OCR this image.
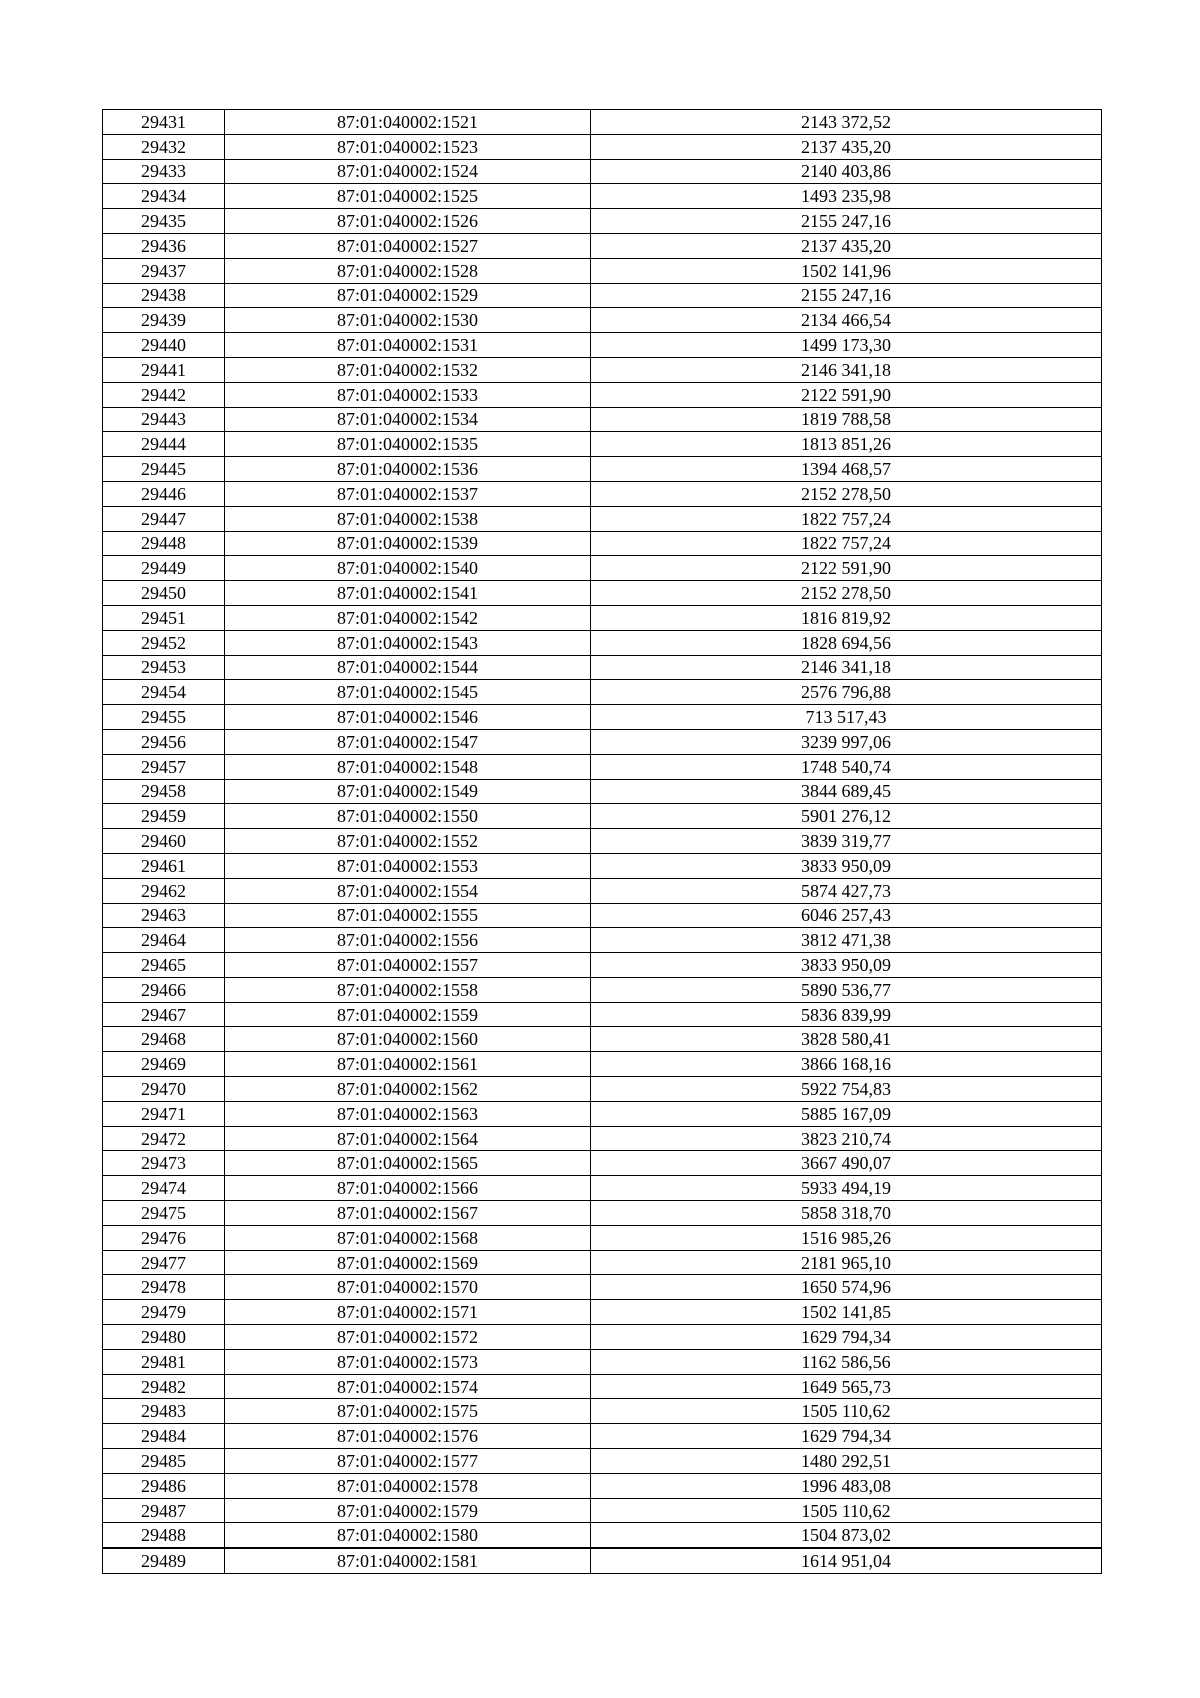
29431	87:01:040002:1521	2143 372,52
29432	87:01:040002:1523	2137 435,20
29433	87:01:040002:1524	2140 403,86
29434	87:01:040002:1525	1493 235,98
29435	87:01:040002:1526	2155 247,16
29436	87:01:040002:1527	2137 435,20
29437	87:01:040002:1528	1502 141,96
29438	87:01:040002:1529	2155 247,16
29439	87:01:040002:1530	2134 466,54
29440	87:01:040002:1531	1499 173,30
29441	87:01:040002:1532	2146 341,18
29442	87:01:040002:1533	2122 591,90
29443	87:01:040002:1534	1819 788,58
29444	87:01:040002:1535	1813 851,26
29445	87:01:040002:1536	1394 468,57
29446	87:01:040002:1537	2152 278,50
29447	87:01:040002:1538	1822 757,24
29448	87:01:040002:1539	1822 757,24
29449	87:01:040002:1540	2122 591,90
29450	87:01:040002:1541	2152 278,50
29451	87:01:040002:1542	1816 819,92
29452	87:01:040002:1543	1828 694,56
29453	87:01:040002:1544	2146 341,18
29454	87:01:040002:1545	2576 796,88
29455	87:01:040002:1546	713 517,43
29456	87:01:040002:1547	3239 997,06
29457	87:01:040002:1548	1748 540,74
29458	87:01:040002:1549	3844 689,45
29459	87:01:040002:1550	5901 276,12
29460	87:01:040002:1552	3839 319,77
29461	87:01:040002:1553	3833 950,09
29462	87:01:040002:1554	5874 427,73
29463	87:01:040002:1555	6046 257,43
29464	87:01:040002:1556	3812 471,38
29465	87:01:040002:1557	3833 950,09
29466	87:01:040002:1558	5890 536,77
29467	87:01:040002:1559	5836 839,99
29468	87:01:040002:1560	3828 580,41
29469	87:01:040002:1561	3866 168,16
29470	87:01:040002:1562	5922 754,83
29471	87:01:040002:1563	5885 167,09
29472	87:01:040002:1564	3823 210,74
29473	87:01:040002:1565	3667 490,07
29474	87:01:040002:1566	5933 494,19
29475	87:01:040002:1567	5858 318,70
29476	87:01:040002:1568	1516 985,26
29477	87:01:040002:1569	2181 965,10
29478	87:01:040002:1570	1650 574,96
29479	87:01:040002:1571	1502 141,85
29480	87:01:040002:1572	1629 794,34
29481	87:01:040002:1573	1162 586,56
29482	87:01:040002:1574	1649 565,73
29483	87:01:040002:1575	1505 110,62
29484	87:01:040002:1576	1629 794,34
29485	87:01:040002:1577	1480 292,51
29486	87:01:040002:1578	1996 483,08
29487	87:01:040002:1579	1505 110,62
29488	87:01:040002:1580	1504 873,02
29489	87:01:040002:1581	1614 951,04
